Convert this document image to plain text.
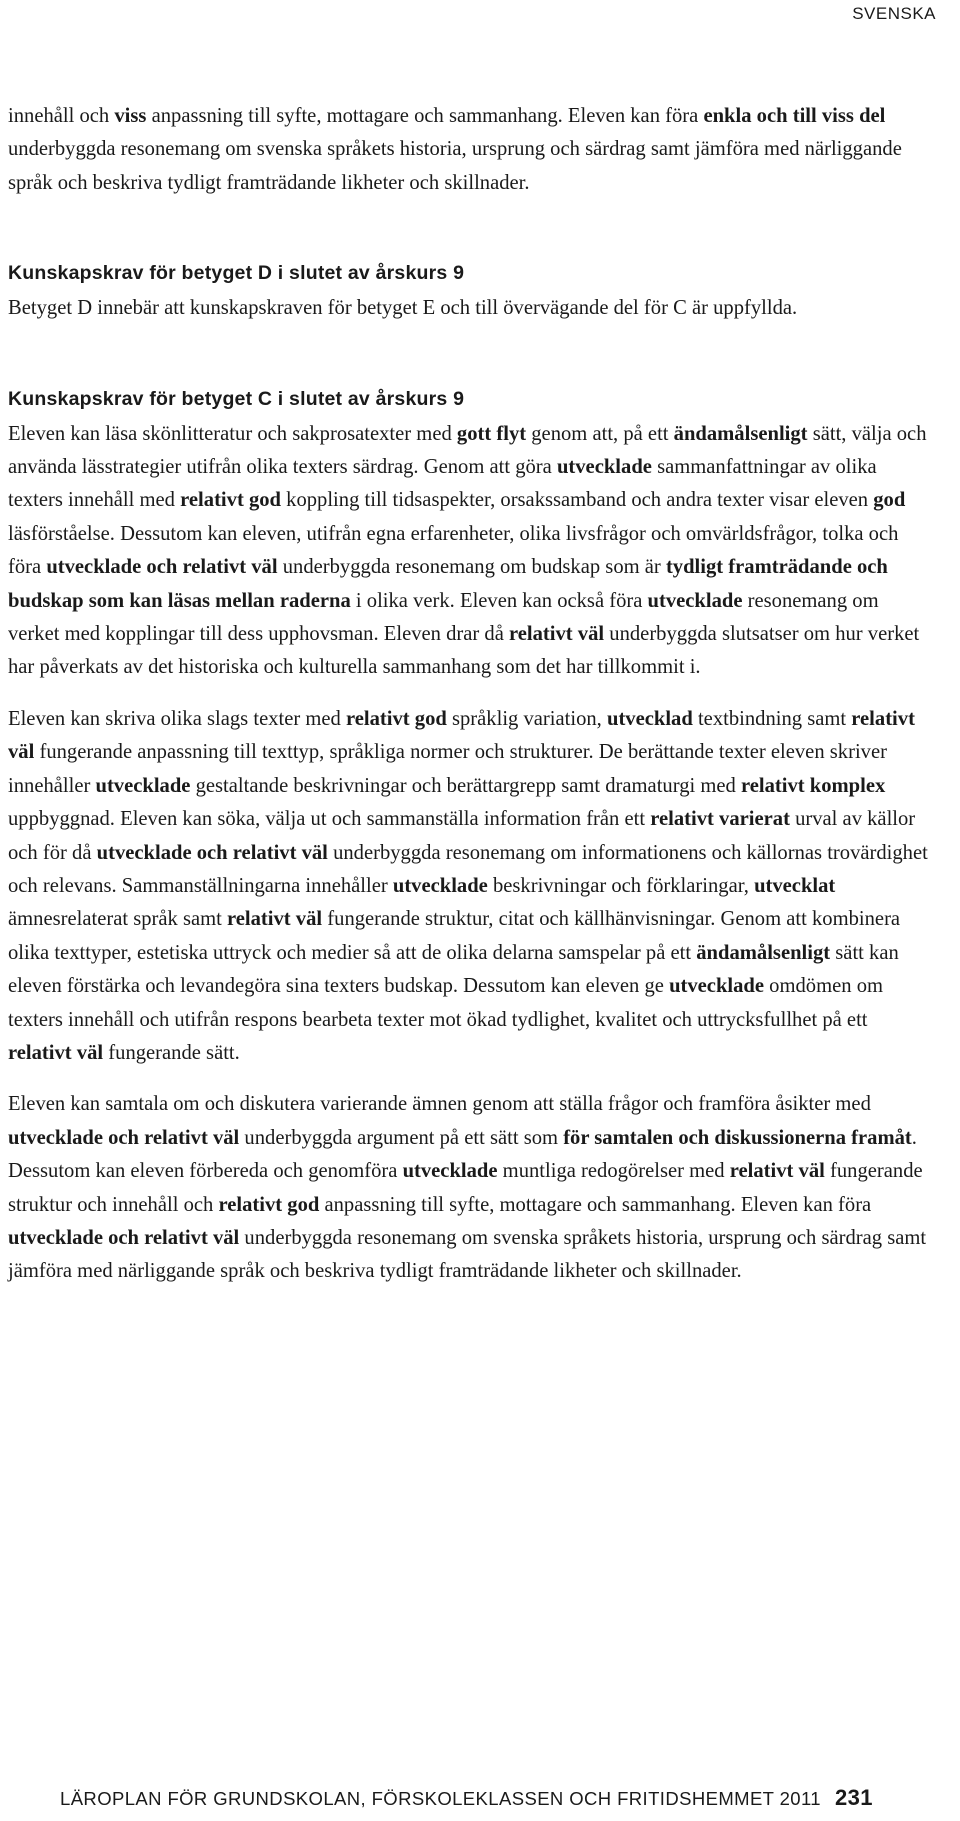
SVENSKA

innehåll och viss anpassning till syfte, mottagare och sammanhang. Eleven kan föra enkla och till viss del underbyggda resonemang om svenska språkets historia, ursprung och särdrag samt jämföra med närliggande språk och beskriva tydligt framträdande likheter och skillnader.

Kunskapskrav för betyget D i slutet av årskurs 9

Betyget D innebär att kunskapskraven för betyget E och till övervägande del för C är uppfyllda.

Kunskapskrav för betyget C i slutet av årskurs 9

Eleven kan läsa skönlitteratur och sakprosatexter med gott flyt genom att, på ett ändamålsenligt sätt, välja och använda lässtrategier utifrån olika texters särdrag. Genom att göra utvecklade sammanfattningar av olika texters innehåll med relativt god koppling till tidsaspekter, orsakssamband och andra texter visar eleven god läsförståelse. Dessutom kan eleven, utifrån egna erfarenheter, olika livsfrågor och omvärldsfrågor, tolka och föra utvecklade och relativt väl underbyggda resonemang om budskap som är tydligt framträdande och budskap som kan läsas mellan raderna i olika verk. Eleven kan också föra utvecklade resonemang om verket med kopplingar till dess upphovsman. Eleven drar då relativt väl underbyggda slutsatser om hur verket har påverkats av det historiska och kulturella sammanhang som det har tillkommit i.

Eleven kan skriva olika slags texter med relativt god språklig variation, utvecklad textbindning samt relativt väl fungerande anpassning till texttyp, språkliga normer och strukturer. De berättande texter eleven skriver innehåller utvecklade gestaltande beskrivningar och berättargrepp samt dramaturgi med relativt komplex uppbyggnad. Eleven kan söka, välja ut och sammanställa information från ett relativt varierat urval av källor och för då utvecklade och relativt väl underbyggda resonemang om informationens och källornas trovärdighet och relevans. Sammanställningarna innehåller utvecklade beskrivningar och förklaringar, utvecklat ämnesrelaterat språk samt relativt väl fungerande struktur, citat och källhänvisningar. Genom att kombinera olika texttyper, estetiska uttryck och medier så att de olika delarna samspelar på ett ändamålsenligt sätt kan eleven förstärka och levandegöra sina texters budskap. Dessutom kan eleven ge utvecklade omdömen om texters innehåll och utifrån respons bearbeta texter mot ökad tydlighet, kvalitet och uttrycksfullhet på ett relativt väl fungerande sätt.

Eleven kan samtala om och diskutera varierande ämnen genom att ställa frågor och framföra åsikter med utvecklade och relativt väl underbyggda argument på ett sätt som för samtalen och diskussionerna framåt. Dessutom kan eleven förbereda och genomföra utvecklade muntliga redogörelser med relativt väl fungerande struktur och innehåll och relativt god anpassning till syfte, mottagare och sammanhang. Eleven kan föra utvecklade och relativt väl underbyggda resonemang om svenska språkets historia, ursprung och särdrag samt jämföra med närliggande språk och beskriva tydligt framträdande likheter och skillnader.

LÄROPLAN FÖR GRUNDSKOLAN, FÖRSKOLEKLASSEN OCH FRITIDSHEMMET 2011 231
